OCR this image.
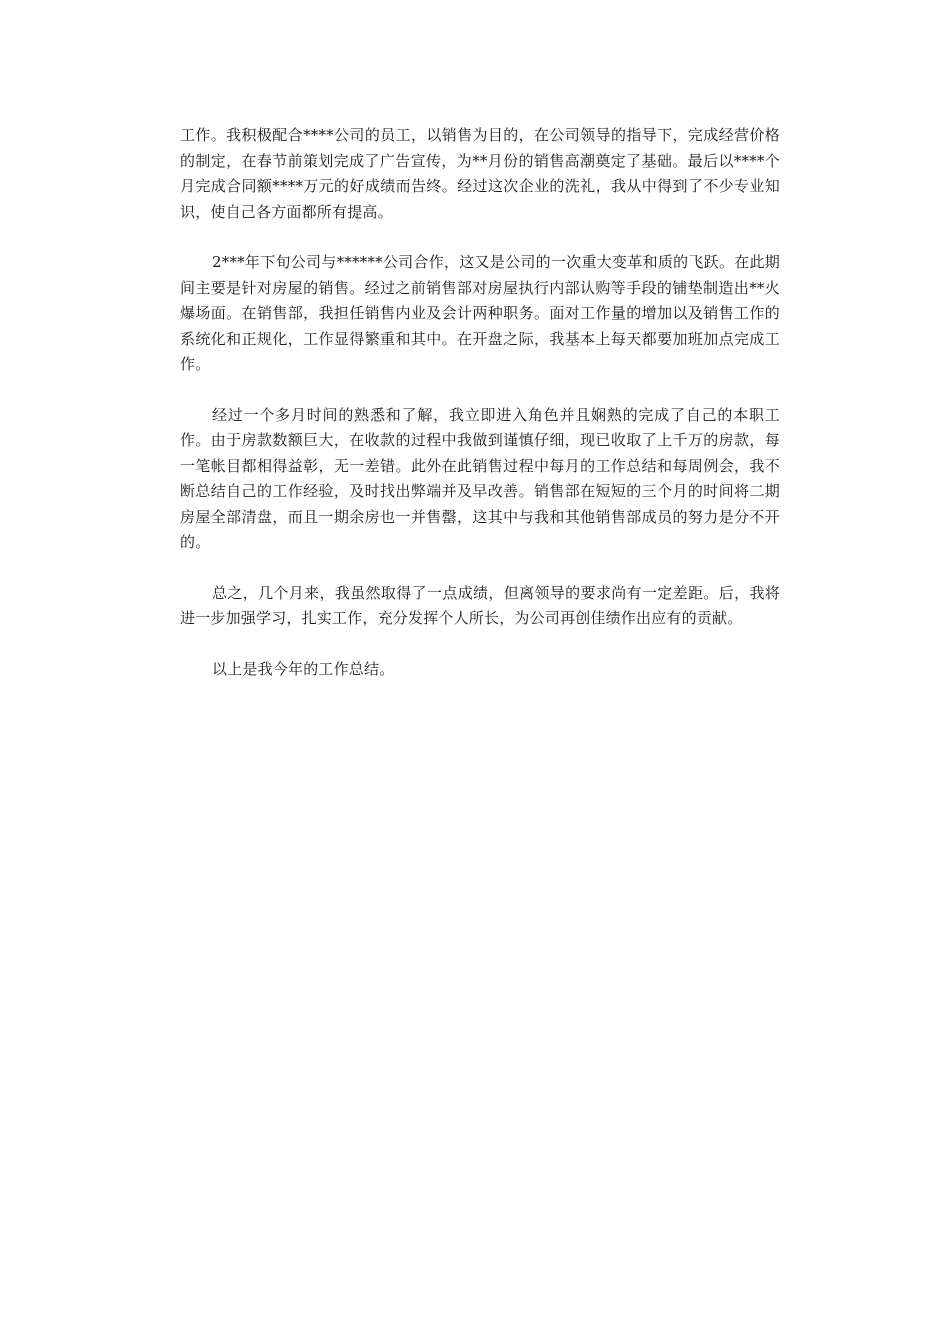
工作。我积极配合****公司的员工，以销售为目的，在公司领导的指导下，完成经营价格的制定，在春节前策划完成了广告宣传，为**月份的销售高潮奠定了基础。最后以****个月完成合同额****万元的好成绩而告终。经过这次企业的洗礼，我从中得到了不少专业知识，使自己各方面都所有提高。

2***年下旬公司与******公司合作，这又是公司的一次重大变革和质的飞跃。在此期间主要是针对房屋的销售。经过之前销售部对房屋执行内部认购等手段的铺垫制造出**火爆场面。在销售部，我担任销售内业及会计两种职务。面对工作量的增加以及销售工作的系统化和正规化，工作显得繁重和其中。在开盘之际，我基本上每天都要加班加点完成工作。

经过一个多月时间的熟悉和了解，我立即进入角色并且娴熟的完成了自己的本职工作。由于房款数额巨大，在收款的过程中我做到谨慎仔细，现已收取了上千万的房款，每一笔帐目都相得益彰，无一差错。此外在此销售过程中每月的工作总结和每周例会，我不断总结自己的工作经验，及时找出弊端并及早改善。销售部在短短的三个月的时间将二期房屋全部清盘，而且一期余房也一并售罄，这其中与我和其他销售部成员的努力是分不开的。

总之，几个月来，我虽然取得了一点成绩，但离领导的要求尚有一定差距。后，我将进一步加强学习，扎实工作，充分发挥个人所长，为公司再创佳绩作出应有的贡献。

以上是我今年的工作总结。
